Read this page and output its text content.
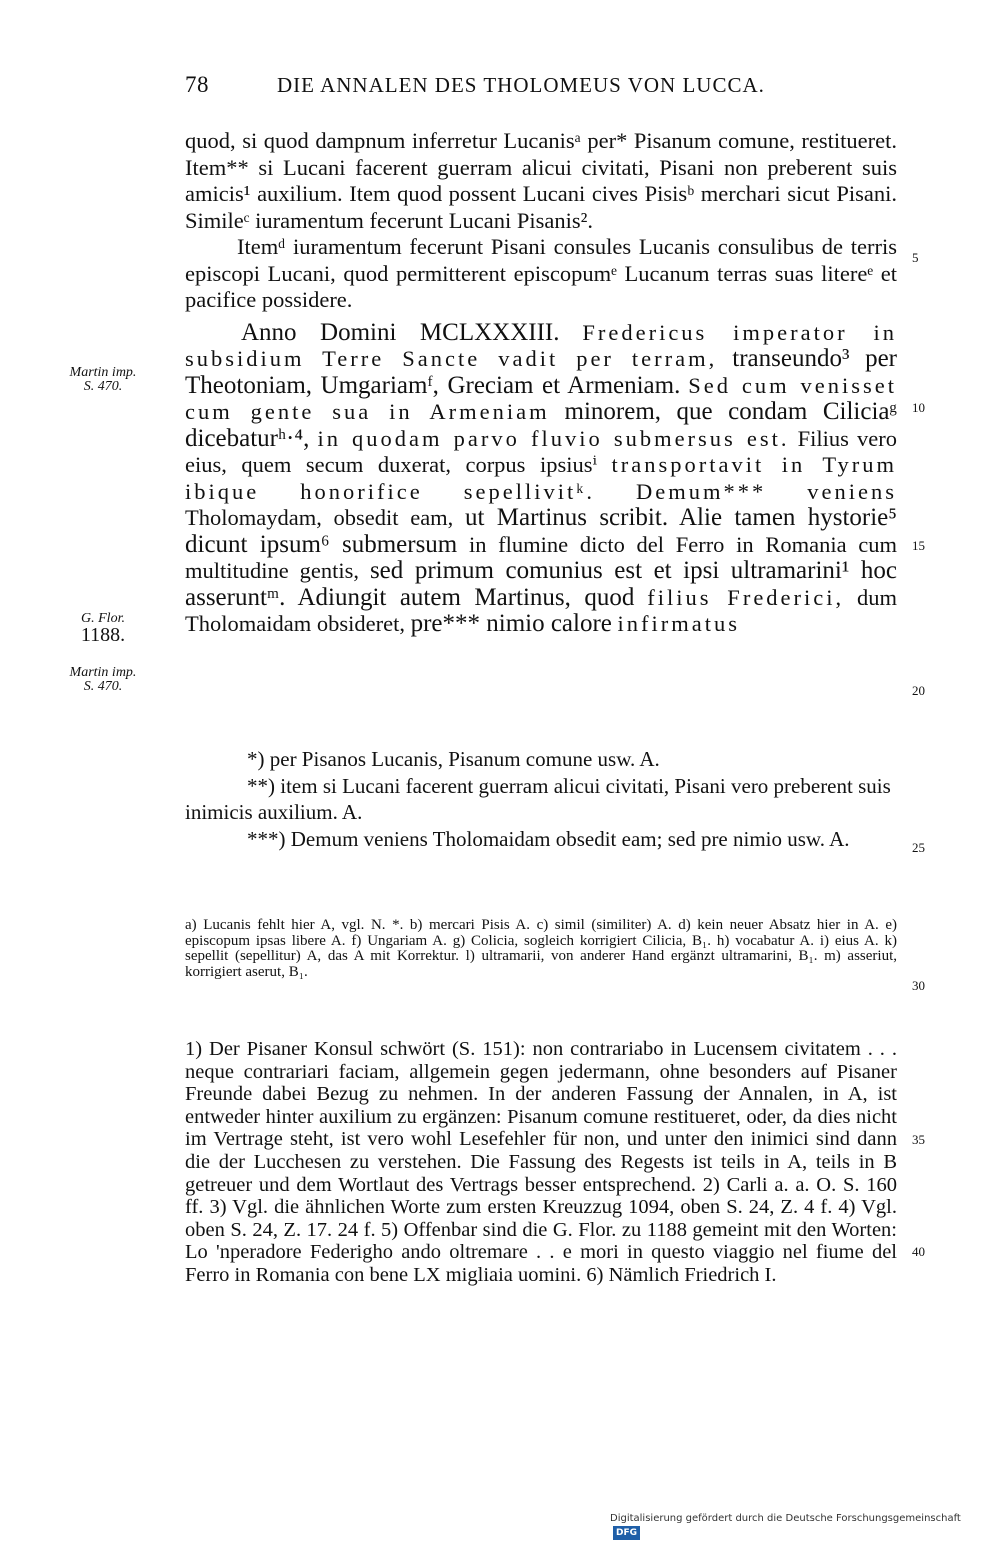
78	DIE ANNALEN DES THOLOMEUS VON LUCCA.

quod, si quod dampnum inferretur Lucanisᵃ per* Pisanum comune, restitueret. Item** si Lucani facerent guerram alicui civitati, Pisani non preberent suis amicis¹ auxilium. Item quod possent Lucani cives Pisisᵇ merchari sicut Pisani. Simileᶜ iuramentum fecerunt Lucani Pisanis².

Itemᵈ iuramentum fecerunt Pisani consules Lucanis consulibus de terris episcopi Lucani, quod permitterent episcopumᵉ Lucanum terras suas litereᵉ et pacifice possidere.

Anno Domini MCLXXXIII. Fredericus imperator in subsidium Terre Sancte vadit per terram, transeundo³ per Theotoniam, Umgariamᶠ, Greciam et Armeniam. Sed cum venisset cum gente sua in Armeniam minorem, que condam Ciliciaᵍ dicebaturʰ·⁴, in quodam parvo fluvio submersus est. Filius vero eius, quem secum duxerat, corpus ipsiusⁱ transportavit in Tyrum ibique honorifice sepellivitᵏ. Demum*** veniens Tholomaydam, obsedit eam, ut Martinus scribit. Alie tamen hystorie⁵ dicunt ipsum⁶ submersum in flumine dicto del Ferro in Romania cum multitudine gentis, sed primum comunius est et ipsi ultramarini¹ hoc asseruntᵐ. Adiungit autem Martinus, quod filius Frederici, dum Tholomaidam obsideret, pre*** nimio calore infirmatus

Martin imp.
S. 470.
G. Flor.
1188.
Martin imp.
S. 470.
5
10
15
20
25
30
35
40

*) per Pisanos Lucanis, Pisanum comune usw. A.

**) item si Lucani facerent guerram alicui civitati, Pisani vero preberent suis inimicis auxilium. A.

***) Demum veniens Tholomaidam obsedit eam; sed pre nimio usw. A.

a) Lucanis fehlt hier A, vgl. N. *. b) mercari Pisis A. c) simil (similiter) A. d) kein neuer Absatz hier in A. e) episcopum ipsas libere A. f) Ungariam A. g) Colicia, sogleich korrigiert Cilicia, B₁. h) vocabatur A. i) eius A. k) sepellit (sepellitur) A, das A mit Korrektur. l) ultramarii, von anderer Hand ergänzt ultramarini, B₁. m) asseriut, korrigiert aserut, B₁.
1) Der Pisaner Konsul schwört (S. 151): non contrariabo in Lucensem civitatem . . . neque contrariari faciam, allgemein gegen jedermann, ohne besonders auf Pisaner Freunde dabei Bezug zu nehmen. In der anderen Fassung der Annalen, in A, ist entweder hinter auxilium zu ergänzen: Pisanum comune restitueret, oder, da dies nicht im Vertrage steht, ist vero wohl Lesefehler für non, und unter den inimici sind dann die der Lucchesen zu verstehen. Die Fassung des Regests ist teils in A, teils in B getreuer und dem Wortlaut des Vertrags besser entsprechend. 2) Carli a. a. O. S. 160 ff. 3) Vgl. die ähnlichen Worte zum ersten Kreuzzug 1094, oben S. 24, Z. 4 f. 4) Vgl. oben S. 24, Z. 17. 24 f. 5) Offenbar sind die G. Flor. zu 1188 gemeint mit den Worten: Lo 'nperadore Federigho ando oltremare . . e mori in questo viaggio nel fiume del Ferro in Romania con bene LX migliaia uomini. 6) Nämlich Friedrich I.
Digitalisierung gefördert durch die Deutsche Forschungsgemeinschaft DFG
